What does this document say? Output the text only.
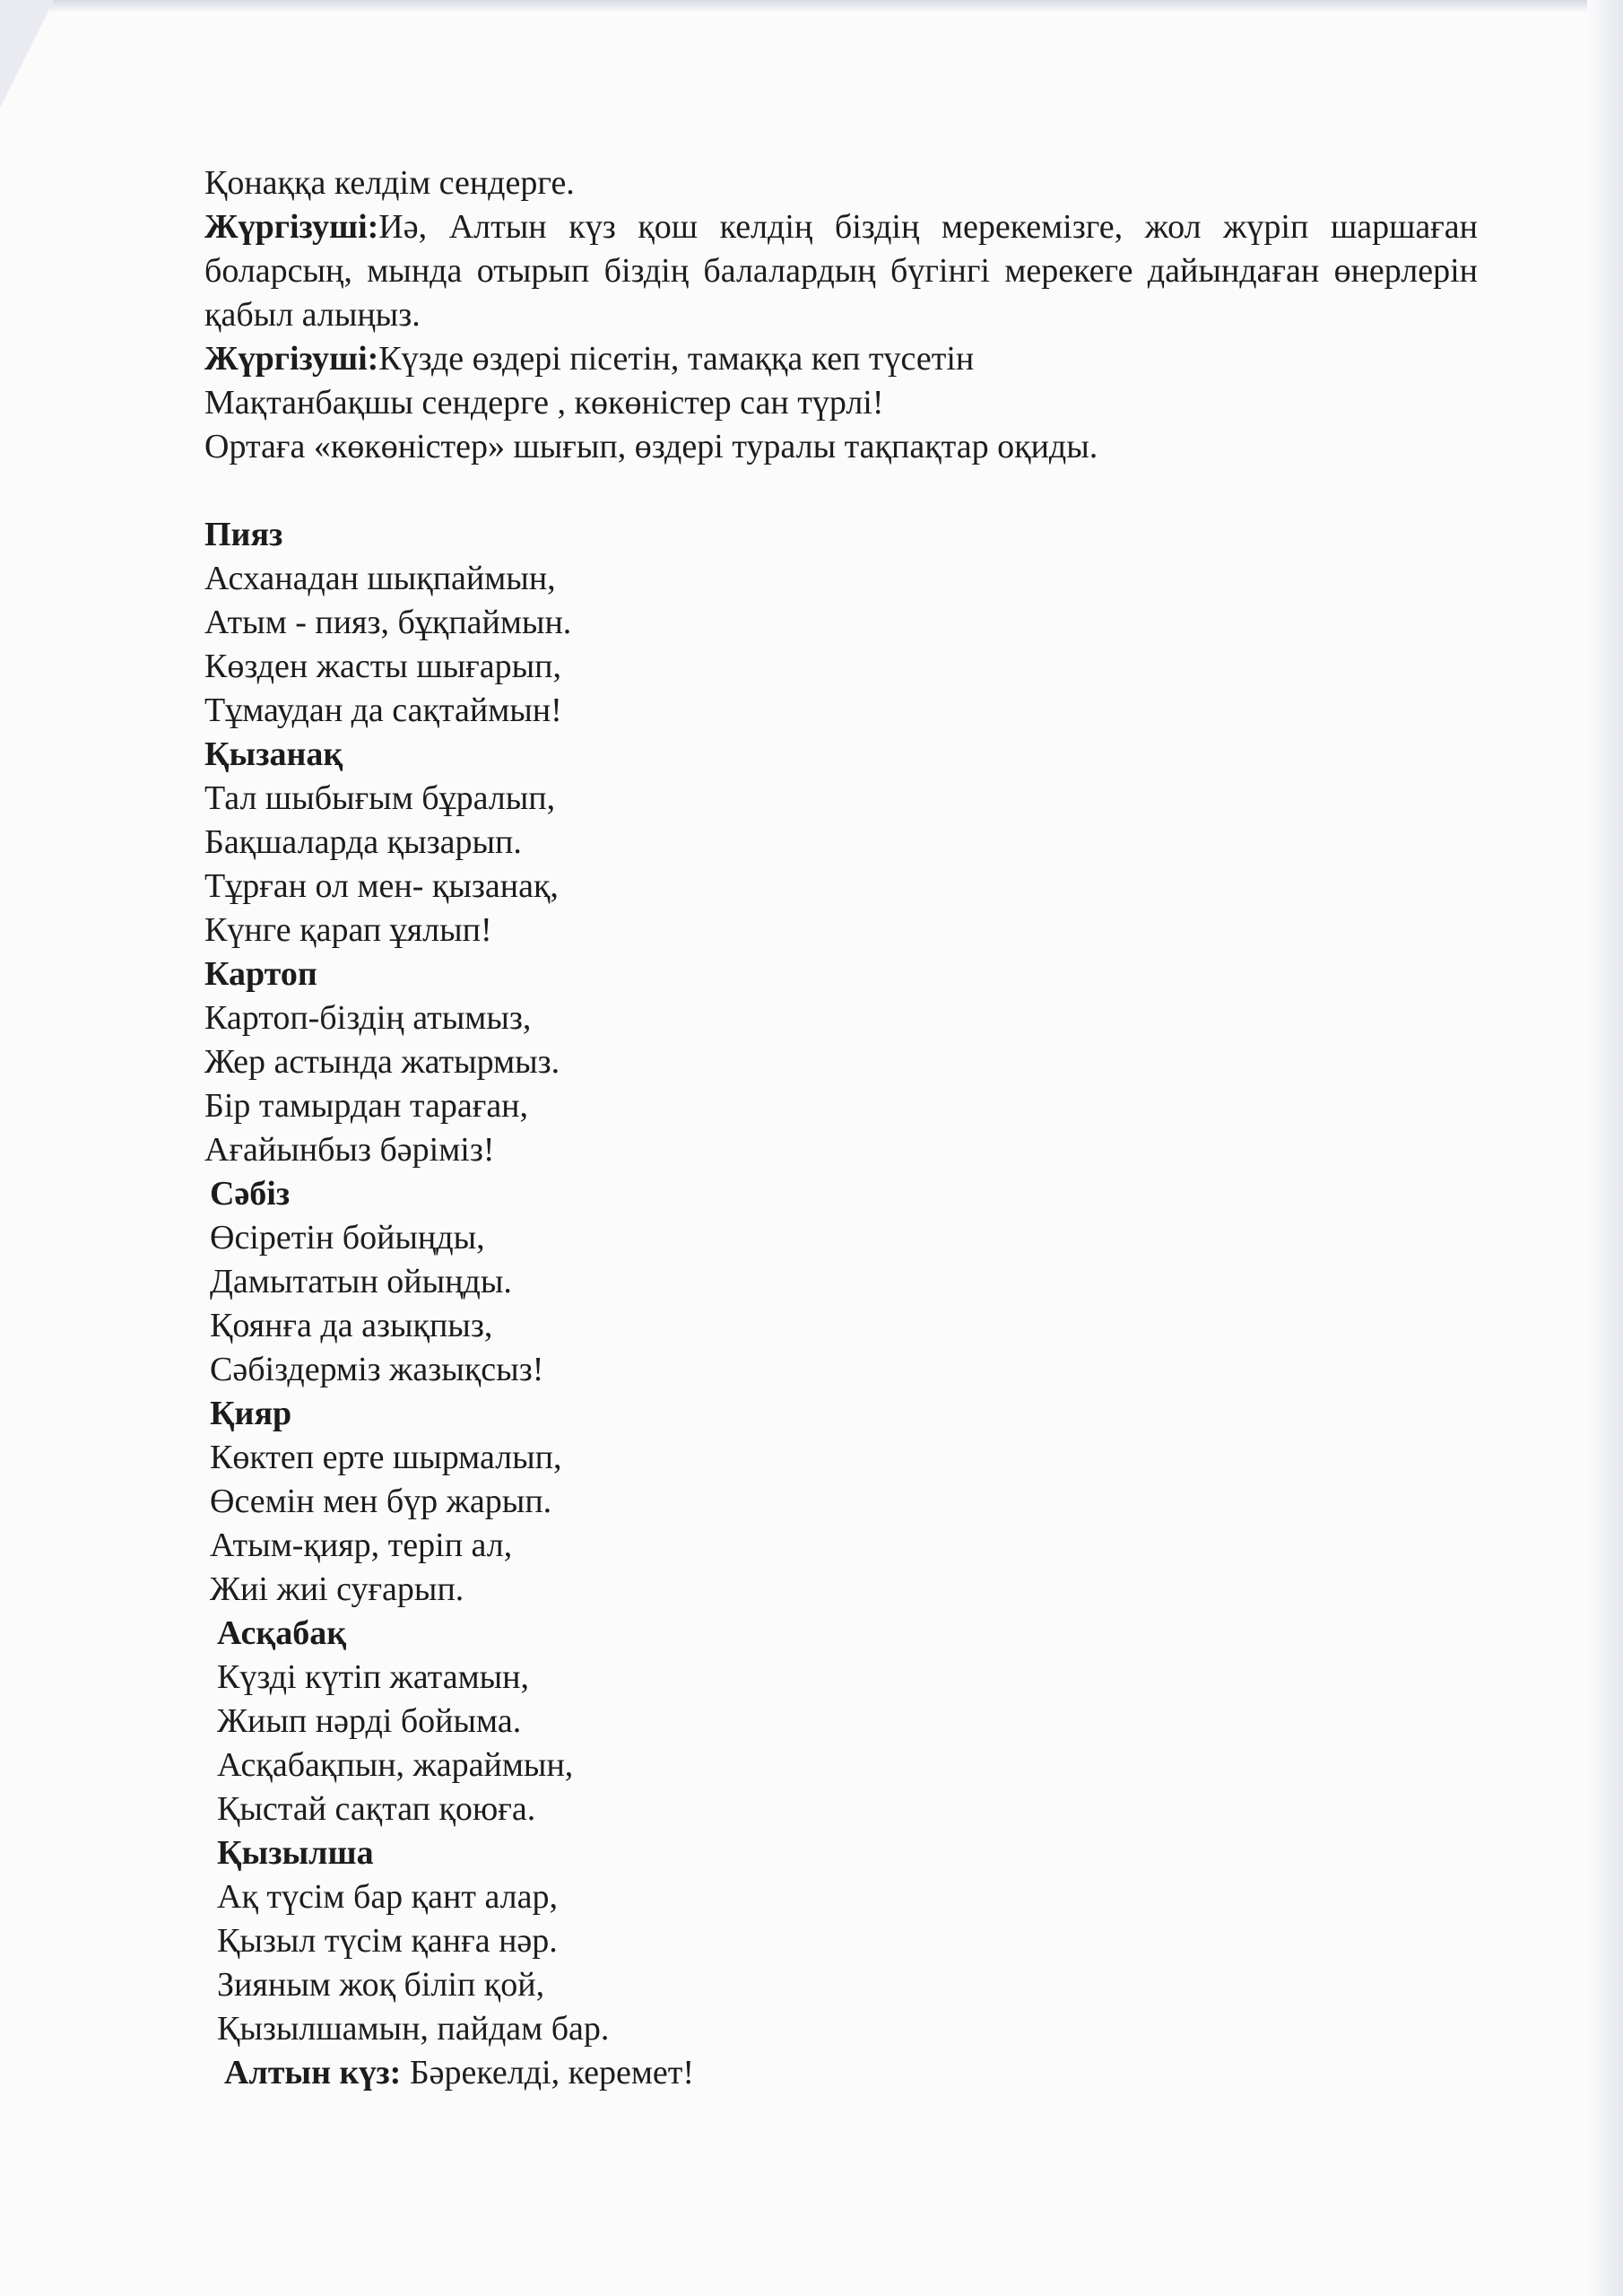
Қонаққа келдім сендерге.

Жүргізуші:Иә, Алтын күз қош келдің біздің мерекемізге, жол жүріп шаршаған боларсың, мында отырып біздің балалардың бүгінгі мерекеге дайындаған өнерлерін қабыл алыңыз.

Жүргізуші:Күзде өздері пісетін, тамаққа кеп түсетін

Мақтанбақшы сендерге , көкөністер сан түрлі!

Ортаға «көкөністер» шығып, өздері туралы тақпақтар оқиды.

Пияз

Асханадан шықпаймын,

Атым - пияз, бұқпаймын.

Көзден жасты шығарып,

Тұмаудан да сақтаймын!

Қызанақ

Тал шыбығым бұралып,

Бақшаларда қызарып.

Тұрған ол мен- қызанақ,

Күнге қарап ұялып!

Картоп

Картоп-біздің атымыз,

Жер астында жатырмыз.

Бір тамырдан тараған,

Ағайынбыз бәріміз!

Сәбіз

Өсіретін бойыңды,

Дамытатын ойыңды.

Қоянға да азықпыз,

Сәбіздерміз жазықсыз!

Қияр

Көктеп ерте шырмалып,

Өсемін мен бүр жарып.

Атым-қияр, теріп ал,

Жиі жиі суғарып.

Асқабақ

Күзді күтіп жатамын,

Жиып нәрді бойыма.

Асқабақпын, жараймын,

Қыстай сақтап қоюға.

Қызылша

Ақ түсім бар қант алар,

Қызыл түсім қанға нәр.

Зияным жоқ біліп қой,

Қызылшамын, пайдам бар.

Алтын күз: Бәрекелді, керемет!
